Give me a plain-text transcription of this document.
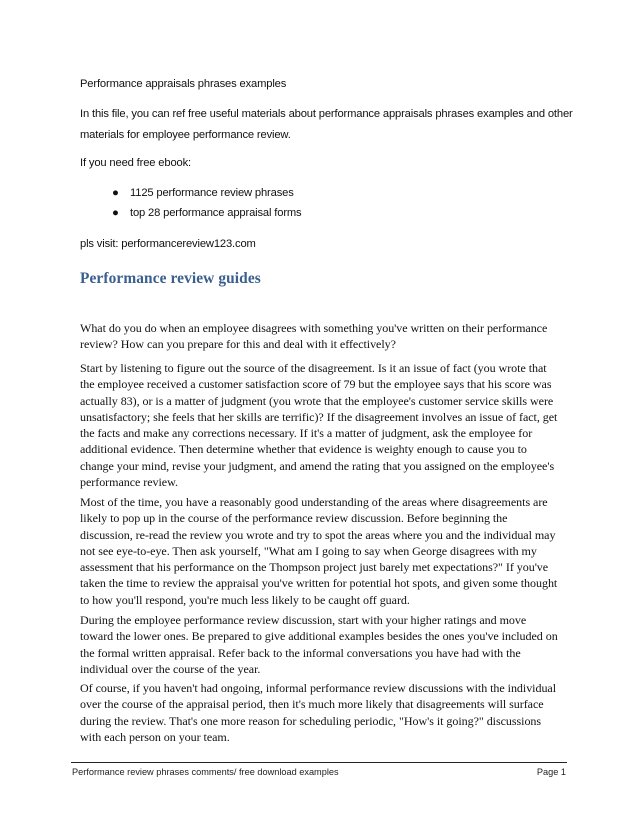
Performance appraisals phrases examples
In this file, you can ref free useful materials about performance appraisals phrases examples and other
materials for employee performance review.
If you need free ebook:
● 1125 performance review phrases
● top 28 performance appraisal forms
pls visit: performancereview123.com
Performance review guides

What do you do when an employee disagrees with something you've written on their performance review? How can you prepare for this and deal with it effectively?

Start by listening to figure out the source of the disagreement. Is it an issue of fact (you wrote that the employee received a customer satisfaction score of 79 but the employee says that his score was actually 83), or is a matter of judgment (you wrote that the employee's customer service skills were unsatisfactory; she feels that her skills are terrific)? If the disagreement involves an issue of fact, get the facts and make any corrections necessary. If it's a matter of judgment, ask the employee for additional evidence. Then determine whether that evidence is weighty enough to cause you to change your mind, revise your judgment, and amend the rating that you assigned on the employee's performance review.

Most of the time, you have a reasonably good understanding of the areas where disagreements are likely to pop up in the course of the performance review discussion. Before beginning the discussion, re-read the review you wrote and try to spot the areas where you and the individual may not see eye-to-eye. Then ask yourself, "What am I going to say when George disagrees with my assessment that his performance on the Thompson project just barely met expectations?" If you've taken the time to review the appraisal you've written for potential hot spots, and given some thought to how you'll respond, you're much less likely to be caught off guard.

During the employee performance review discussion, start with your higher ratings and move toward the lower ones. Be prepared to give additional examples besides the ones you've included on the formal written appraisal. Refer back to the informal conversations you have had with the individual over the course of the year.

Of course, if you haven't had ongoing, informal performance review discussions with the individual over the course of the appraisal period, then it's much more likely that disagreements will surface during the review. That's one more reason for scheduling periodic, "How's it going?" discussions with each person on your team.

Performance review phrases comments/ free download examples	Page 1
